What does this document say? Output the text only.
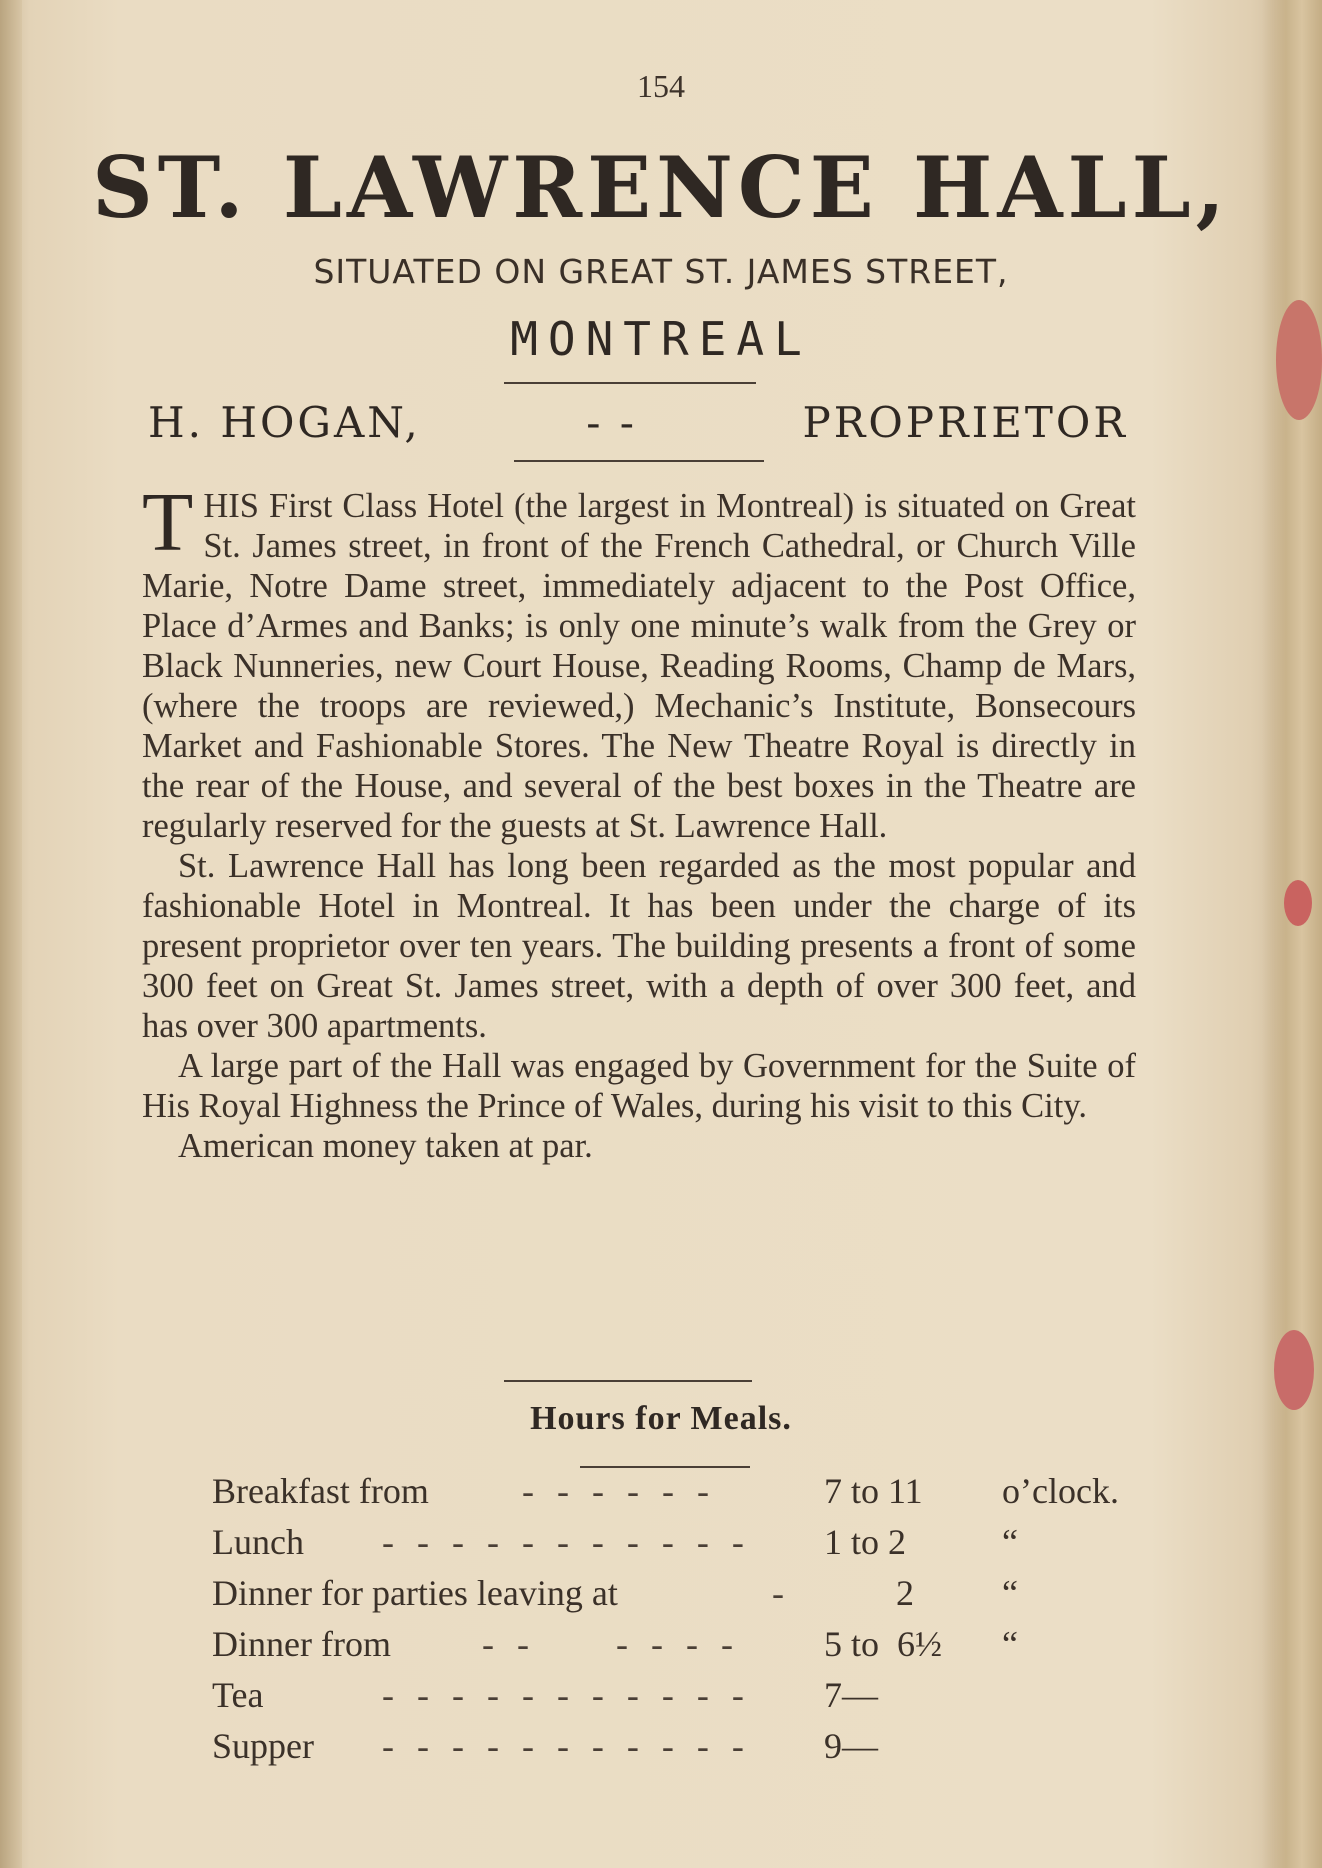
154
ST. LAWRENCE HALL,
SITUATED ON GREAT ST. JAMES STREET,
MONTREAL
H. HOGAN,	- -	PROPRIETOR

THIS First Class Hotel (the largest in Montreal) is situated on Great St. James street, in front of the French Cathedral, or Church Ville Marie, Notre Dame street, immediately adjacent to the Post Office, Place d’Armes and Banks; is only one minute’s walk from the Grey or Black Nunneries, new Court House, Reading Rooms, Champ de Mars, (where the troops are reviewed,) Mechanic’s Institute, Bonsecours Market and Fashionable Stores. The New Theatre Royal is directly in the rear of the House, and several of the best boxes in the Theatre are regularly reserved for the guests at St. Lawrence Hall.

St. Lawrence Hall has long been regarded as the most popular and fashionable Hotel in Montreal. It has been under the charge of its present proprietor over ten years. The building presents a front of some 300 feet on Great St. James street, with a depth of over 300 feet, and has over 300 apartments.

A large part of the Hall was engaged by Government for the Suite of His Royal Highness the Prince of Wales, during his visit to this City.

American money taken at par.

Hours for Meals.
Breakfast from	- - - - - -	7 to 11 o’clock.
Lunch - - - - - - - - - - - 1 to 2	“
Dinner for parties leaving at	- 2 “
Dinner from	- -     - - - - 5 to  6½ “
Tea	- - - - - - - - - - - 7—
Supper - - - - - - - - - - - 9—
